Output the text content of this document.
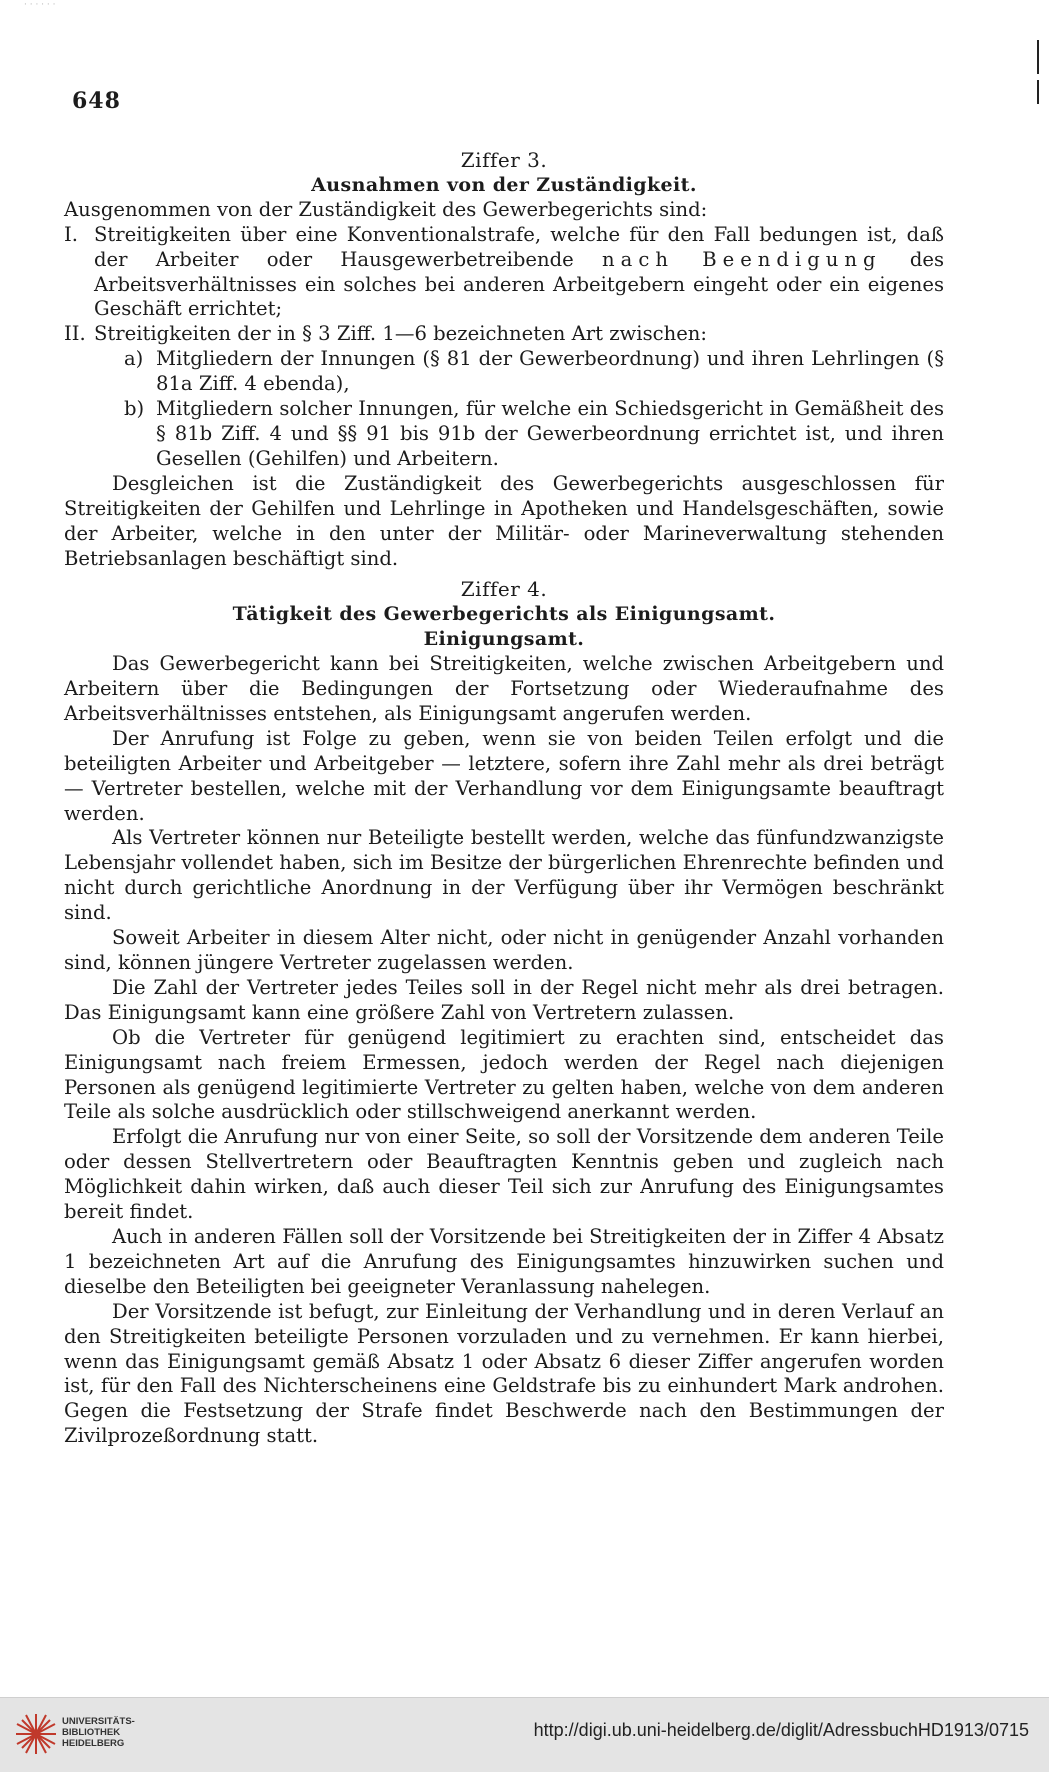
· · · · · ·
648

Ziffer 3.

Ausnahmen von der Zuständigkeit.

Ausgenommen von der Zuständigkeit des Gewerbegerichts sind:

I. Streitigkeiten über eine Konventionalstrafe, welche für den Fall bedungen ist, daß der Arbeiter oder Hausgewerbetreibende nach Beendigung des Arbeitsverhältnisses ein solches bei anderen Arbeitgebern eingeht oder ein eigenes Geschäft errichtet;

II. Streitigkeiten der in § 3 Ziff. 1—6 bezeichneten Art zwischen:

a) Mitgliedern der Innungen (§ 81 der Gewerbeordnung) und ihren Lehrlingen (§ 81a Ziff. 4 ebenda),

b) Mitgliedern solcher Innungen, für welche ein Schiedsgericht in Gemäßheit des § 81b Ziff. 4 und §§ 91 bis 91b der Gewerbeordnung errichtet ist, und ihren Gesellen (Gehilfen) und Arbeitern.

Desgleichen ist die Zuständigkeit des Gewerbegerichts ausgeschlossen für Streitigkeiten der Gehilfen und Lehrlinge in Apotheken und Handelsgeschäften, sowie der Arbeiter, welche in den unter der Militär- oder Marineverwaltung stehenden Betriebsanlagen beschäftigt sind.

Ziffer 4.

Tätigkeit des Gewerbegerichts als Einigungsamt.

Einigungsamt.

Das Gewerbegericht kann bei Streitigkeiten, welche zwischen Arbeitgebern und Arbeitern über die Bedingungen der Fortsetzung oder Wiederaufnahme des Arbeitsverhältnisses entstehen, als Einigungsamt angerufen werden.

Der Anrufung ist Folge zu geben, wenn sie von beiden Teilen erfolgt und die beteiligten Arbeiter und Arbeitgeber — letztere, sofern ihre Zahl mehr als drei beträgt — Vertreter bestellen, welche mit der Verhandlung vor dem Einigungsamte beauftragt werden.

Als Vertreter können nur Beteiligte bestellt werden, welche das fünfundzwanzigste Lebensjahr vollendet haben, sich im Besitze der bürgerlichen Ehrenrechte befinden und nicht durch gerichtliche Anordnung in der Verfügung über ihr Vermögen beschränkt sind.

Soweit Arbeiter in diesem Alter nicht, oder nicht in genügender Anzahl vorhanden sind, können jüngere Vertreter zugelassen werden.

Die Zahl der Vertreter jedes Teiles soll in der Regel nicht mehr als drei betragen. Das Einigungsamt kann eine größere Zahl von Vertretern zulassen.

Ob die Vertreter für genügend legitimiert zu erachten sind, entscheidet das Einigungsamt nach freiem Ermessen, jedoch werden der Regel nach diejenigen Personen als genügend legitimierte Vertreter zu gelten haben, welche von dem anderen Teile als solche ausdrücklich oder stillschweigend anerkannt werden.

Erfolgt die Anrufung nur von einer Seite, so soll der Vorsitzende dem anderen Teile oder dessen Stellvertretern oder Beauftragten Kenntnis geben und zugleich nach Möglichkeit dahin wirken, daß auch dieser Teil sich zur Anrufung des Einigungsamtes bereit findet.

Auch in anderen Fällen soll der Vorsitzende bei Streitigkeiten der in Ziffer 4 Absatz 1 bezeichneten Art auf die Anrufung des Einigungsamtes hinzuwirken suchen und dieselbe den Beteiligten bei geeigneter Veranlassung nahelegen.

Der Vorsitzende ist befugt, zur Einleitung der Verhandlung und in deren Verlauf an den Streitigkeiten beteiligte Personen vorzuladen und zu vernehmen. Er kann hierbei, wenn das Einigungsamt gemäß Absatz 1 oder Absatz 6 dieser Ziffer angerufen worden ist, für den Fall des Nichterscheinens eine Geldstrafe bis zu einhundert Mark androhen. Gegen die Festsetzung der Strafe findet Beschwerde nach den Bestimmungen der Zivilprozeßordnung statt.

UNIVERSITÄTS-
BIBLIOTHEK
HEIDELBERG
http://digi.ub.uni-heidelberg.de/diglit/AdressbuchHD1913/0715
